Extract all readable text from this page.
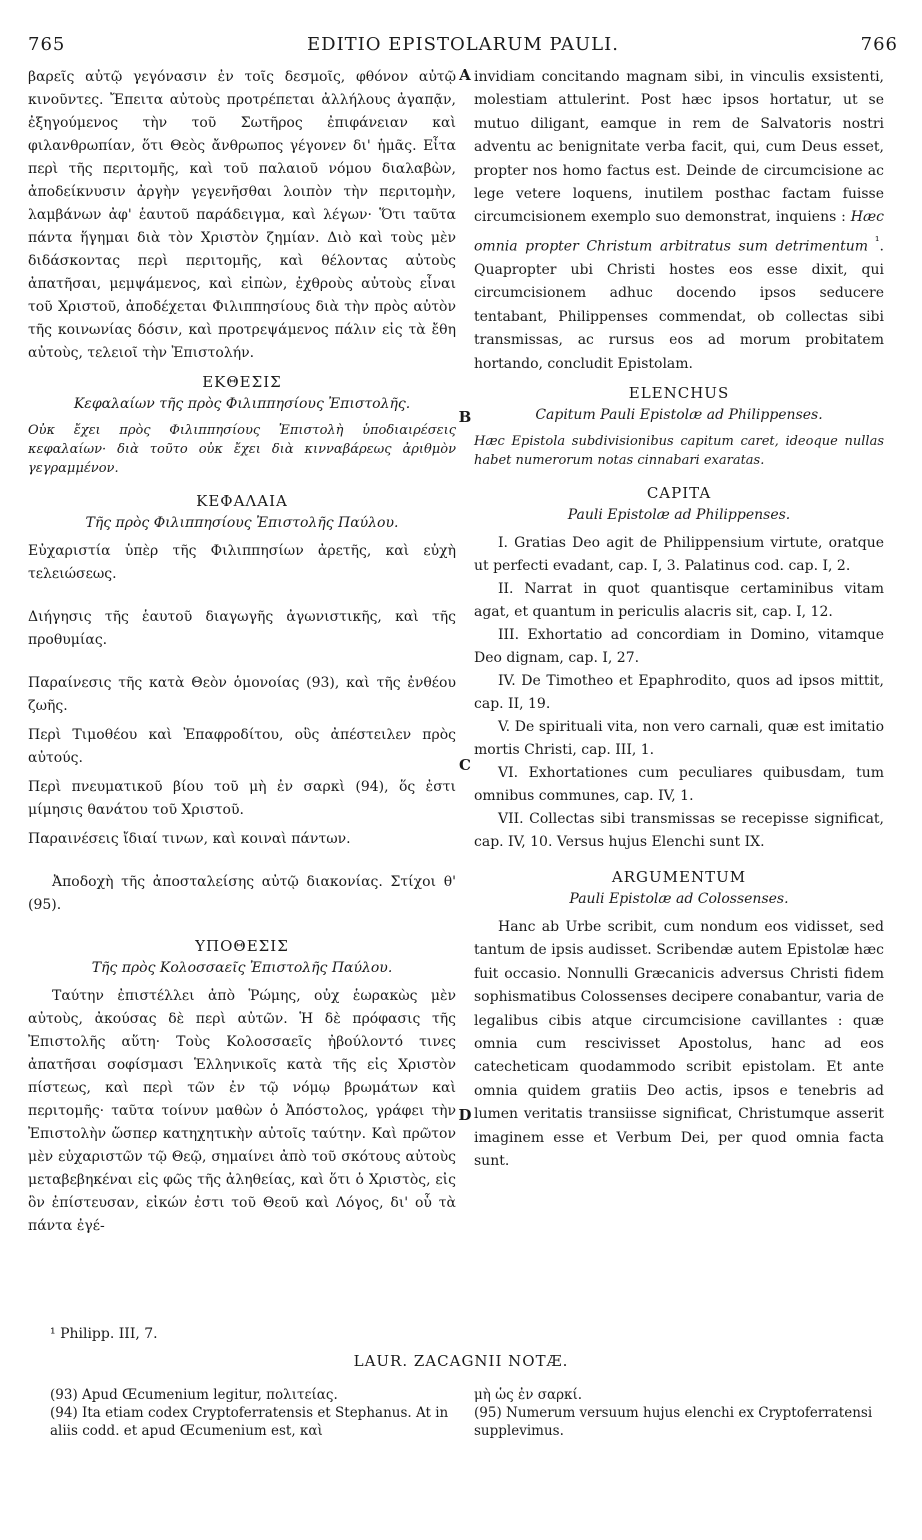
765	EDITIO EPISTOLARUM PAULI.	766
A
B
C
D

βαρεῖς αὐτῷ γεγόνασιν ἐν τοῖς δεσμοῖς, φθόνον αὐτῷ κινοῦντες. Ἔπειτα αὐτοὺς προτρέπεται ἀλλήλους ἀγαπᾷν, ἐξηγούμενος τὴν τοῦ Σωτῆρος ἐπιφάνειαν καὶ φιλανθρωπίαν, ὅτι Θεὸς ἄνθρωπος γέγονεν δι' ἡμᾶς. Εἶτα περὶ τῆς περιτομῆς, καὶ τοῦ παλαιοῦ νόμου διαλαβὼν, ἀποδείκνυσιν ἀργὴν γεγενῆσθαι λοιπὸν τὴν περιτομὴν, λαμβάνων ἀφ' ἑαυτοῦ παράδειγμα, καὶ λέγων· Ὅτι ταῦτα πάντα ἥγημαι διὰ τὸν Χριστὸν ζημίαν. Διὸ καὶ τοὺς μὲν διδάσκοντας περὶ περιτομῆς, καὶ θέλοντας αὐτοὺς ἀπατῆσαι, μεμψάμενος, καὶ εἰπὼν, ἐχθροὺς αὐτοὺς εἶναι τοῦ Χριστοῦ, ἀποδέχεται Φιλιππησίους διὰ τὴν πρὸς αὐτὸν τῆς κοινωνίας δόσιν, καὶ προτρεψάμενος πάλιν εἰς τὰ ἔθη αὐτοὺς, τελειοῖ τὴν Ἐπιστολήν.

ΕΚΘΕΣΙΣ

Κεφαλαίων τῆς πρὸς Φιλιππησίους Ἐπιστολῆς.

Οὐκ ἔχει πρὸς Φιλιππησίους Ἐπιστολὴ ὑποδιαιρέσεις κεφαλαίων· διὰ τοῦτο οὐκ ἔχει διὰ κινναβάρεως ἀριθμὸν γεγραμμένον.

ΚΕΦΑΛΑΙΑ

Τῆς πρὸς Φιλιππησίους Ἐπιστολῆς Παύλου.

Εὐχαριστία ὑπὲρ τῆς Φιλιππησίων ἀρετῆς, καὶ εὐχὴ τελειώσεως.

Διήγησις τῆς ἑαυτοῦ διαγωγῆς ἀγωνιστικῆς, καὶ τῆς προθυμίας.

Παραίνεσις τῆς κατὰ Θεὸν ὁμονοίας (93), καὶ τῆς ἐνθέου ζωῆς.

Περὶ Τιμοθέου καὶ Ἐπαφροδίτου, οὓς ἀπέστειλεν πρὸς αὐτούς.

Περὶ πνευματικοῦ βίου τοῦ μὴ ἐν σαρκὶ (94), ὅς ἐστι μίμησις θανάτου τοῦ Χριστοῦ.

Παραινέσεις ἴδιαί τινων, καὶ κοιναὶ πάντων.

Ἀποδοχὴ τῆς ἀποσταλείσης αὐτῷ διακονίας. Στίχοι θ' (95).

ΥΠΟΘΕΣΙΣ

Τῆς πρὸς Κολοσσαεῖς Ἐπιστολῆς Παύλου.

Ταύτην ἐπιστέλλει ἀπὸ Ῥώμης, οὐχ ἑωρακὼς μὲν αὐτοὺς, ἀκούσας δὲ περὶ αὐτῶν. Ἡ δὲ πρόφασις τῆς Ἐπιστολῆς αὕτη· Τοὺς Κολοσσαεῖς ἠβούλοντό τινες ἀπατῆσαι σοφίσμασι Ἑλληνικοῖς κατὰ τῆς εἰς Χριστὸν πίστεως, καὶ περὶ τῶν ἐν τῷ νόμῳ βρωμάτων καὶ περιτομῆς· ταῦτα τοίνυν μαθὼν ὁ Ἀπόστολος, γράφει τὴν Ἐπιστολὴν ὥσπερ κατηχητικὴν αὐτοῖς ταύτην. Καὶ πρῶτον μὲν εὐχαριστῶν τῷ Θεῷ, σημαίνει ἀπὸ τοῦ σκότους αὐτοὺς μεταβεβηκέναι εἰς φῶς τῆς ἀληθείας, καὶ ὅτι ὁ Χριστὸς, εἰς ὃν ἐπίστευσαν, εἰκών ἐστι τοῦ Θεοῦ καὶ Λόγος, δι' οὗ τὰ πάντα ἐγέ-

invidiam concitando magnam sibi, in vinculis exsistenti, molestiam attulerint. Post hæc ipsos hortatur, ut se mutuo diligant, eamque in rem de Salvatoris nostri adventu ac benignitate verba facit, qui, cum Deus esset, propter nos homo factus est. Deinde de circumcisione ac lege vetere loquens, inutilem posthac factam fuisse circumcisionem exemplo suo demonstrat, inquiens : Hæc omnia propter Christum arbitratus sum detrimentum $^{^1}$. Quapropter ubi Christi hostes eos esse dixit, qui circumcisionem adhuc docendo ipsos seducere tentabant, Philippenses commendat, ob collectas sibi transmissas, ac rursus eos ad morum probitatem hortando, concludit Epistolam.

ELENCHUS

Capitum Pauli Epistolæ ad Philippenses.

Hæc Epistola subdivisionibus capitum caret, ideoque nullas habet numerorum notas cinnabari exaratas.

CAPITA

Pauli Epistolæ ad Philippenses.

I. Gratias Deo agit de Philippensium virtute, oratque ut perfecti evadant, cap. I, 3. Palatinus cod. cap. I, 2.

II. Narrat in quot quantisque certaminibus vitam agat, et quantum in periculis alacris sit, cap. I, 12.

III. Exhortatio ad concordiam in Domino, vitamque Deo dignam, cap. I, 27.

IV. De Timotheo et Epaphrodito, quos ad ipsos mittit, cap. II, 19.

V. De spirituali vita, non vero carnali, quæ est imitatio mortis Christi, cap. III, 1.

VI. Exhortationes cum peculiares quibusdam, tum omnibus communes, cap. IV, 1.

VII. Collectas sibi transmissas se recepisse significat, cap. IV, 10. Versus hujus Elenchi sunt IX.

ARGUMENTUM

Pauli Epistolæ ad Colossenses.

Hanc ab Urbe scribit, cum nondum eos vidisset, sed tantum de ipsis audisset. Scribendæ autem Epistolæ hæc fuit occasio. Nonnulli Græcanicis adversus Christi fidem sophismatibus Colossenses decipere conabantur, varia de legalibus cibis atque circumcisione cavillantes : quæ omnia cum rescivisset Apostolus, hanc ad eos catecheticam quodammodo scribit epistolam. Et ante omnia quidem gratiis Deo actis, ipsos e tenebris ad lumen veritatis transiisse significat, Christumque asserit imaginem esse et Verbum Dei, per quod omnia facta sunt.

¹ Philipp. III, 7.
LAUR. ZACAGNII NOTÆ.

(93) Apud Œcumenium legitur, πολιτείας.

(94) Ita etiam codex Cryptoferratensis et Stephanus. At in aliis codd. et apud Œcumenium est, καὶ

μὴ ὡς ἐν σαρκί.

(95) Numerum versuum hujus elenchi ex Cryptoferratensi supplevimus.
